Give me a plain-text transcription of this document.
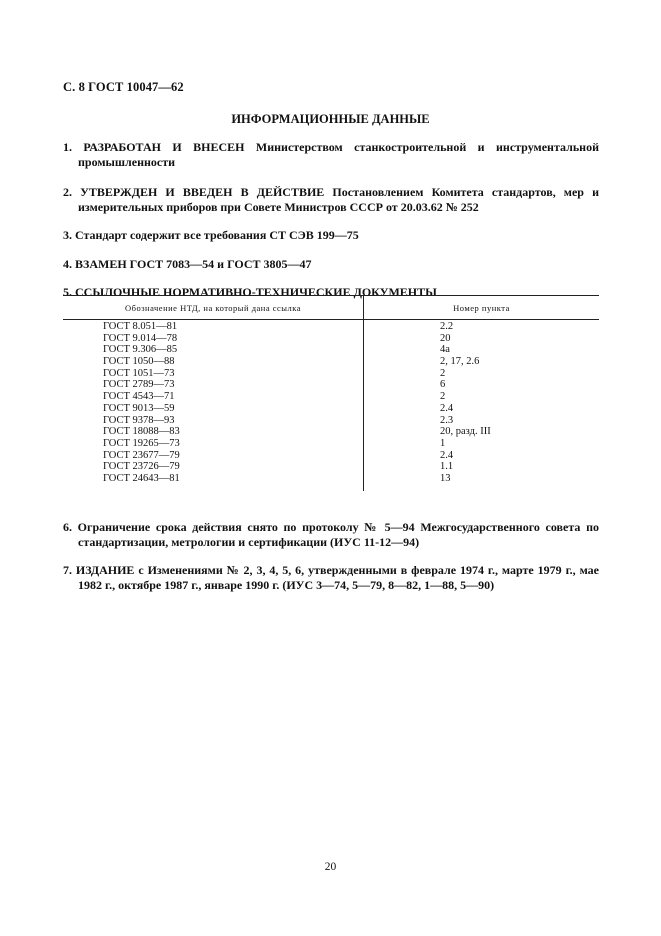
С. 8 ГОСТ 10047—62
ИНФОРМАЦИОННЫЕ ДАННЫЕ

1. РАЗРАБОТАН И ВНЕСЕН Министерством станкостроительной и инструментальной промышленности

2. УТВЕРЖДЕН И ВВЕДЕН В ДЕЙСТВИЕ Постановлением Комитета стандартов, мер и измерительных приборов при Совете Министров СССР от 20.03.62 № 252

3. Стандарт содержит все требования СТ СЭВ 199—75

4. ВЗАМЕН ГОСТ 7083—54 и ГОСТ 3805—47

5. ССЫЛОЧНЫЕ НОРМАТИВНО-ТЕХНИЧЕСКИЕ ДОКУМЕНТЫ

Обозначение НТД, на который дана ссылка	Номер пункта
ГОСТ 8.051—81
ГОСТ 9.014—78
ГОСТ 9.306—85
ГОСТ 1050—88
ГОСТ 1051—73
ГОСТ 2789—73
ГОСТ 4543—71
ГОСТ 9013—59
ГОСТ 9378—93
ГОСТ 18088—83
ГОСТ 19265—73
ГОСТ 23677—79
ГОСТ 23726—79
ГОСТ 24643—81
2.2
20
4а
2, 17, 2.6
2
6
2
2.4
2.3
20, разд. III
1
2.4
1.1
13

6. Ограничение срока действия снято по протоколу № 5—94 Межгосударственного совета по стандартизации, метрологии и сертификации (ИУС 11-12—94)

7. ИЗДАНИЕ с Изменениями № 2, 3, 4, 5, 6, утвержденными в феврале 1974 г., марте 1979 г., мае 1982 г., октябре 1987 г., январе 1990 г. (ИУС 3—74, 5—79, 8—82, 1—88, 5—90)

20
